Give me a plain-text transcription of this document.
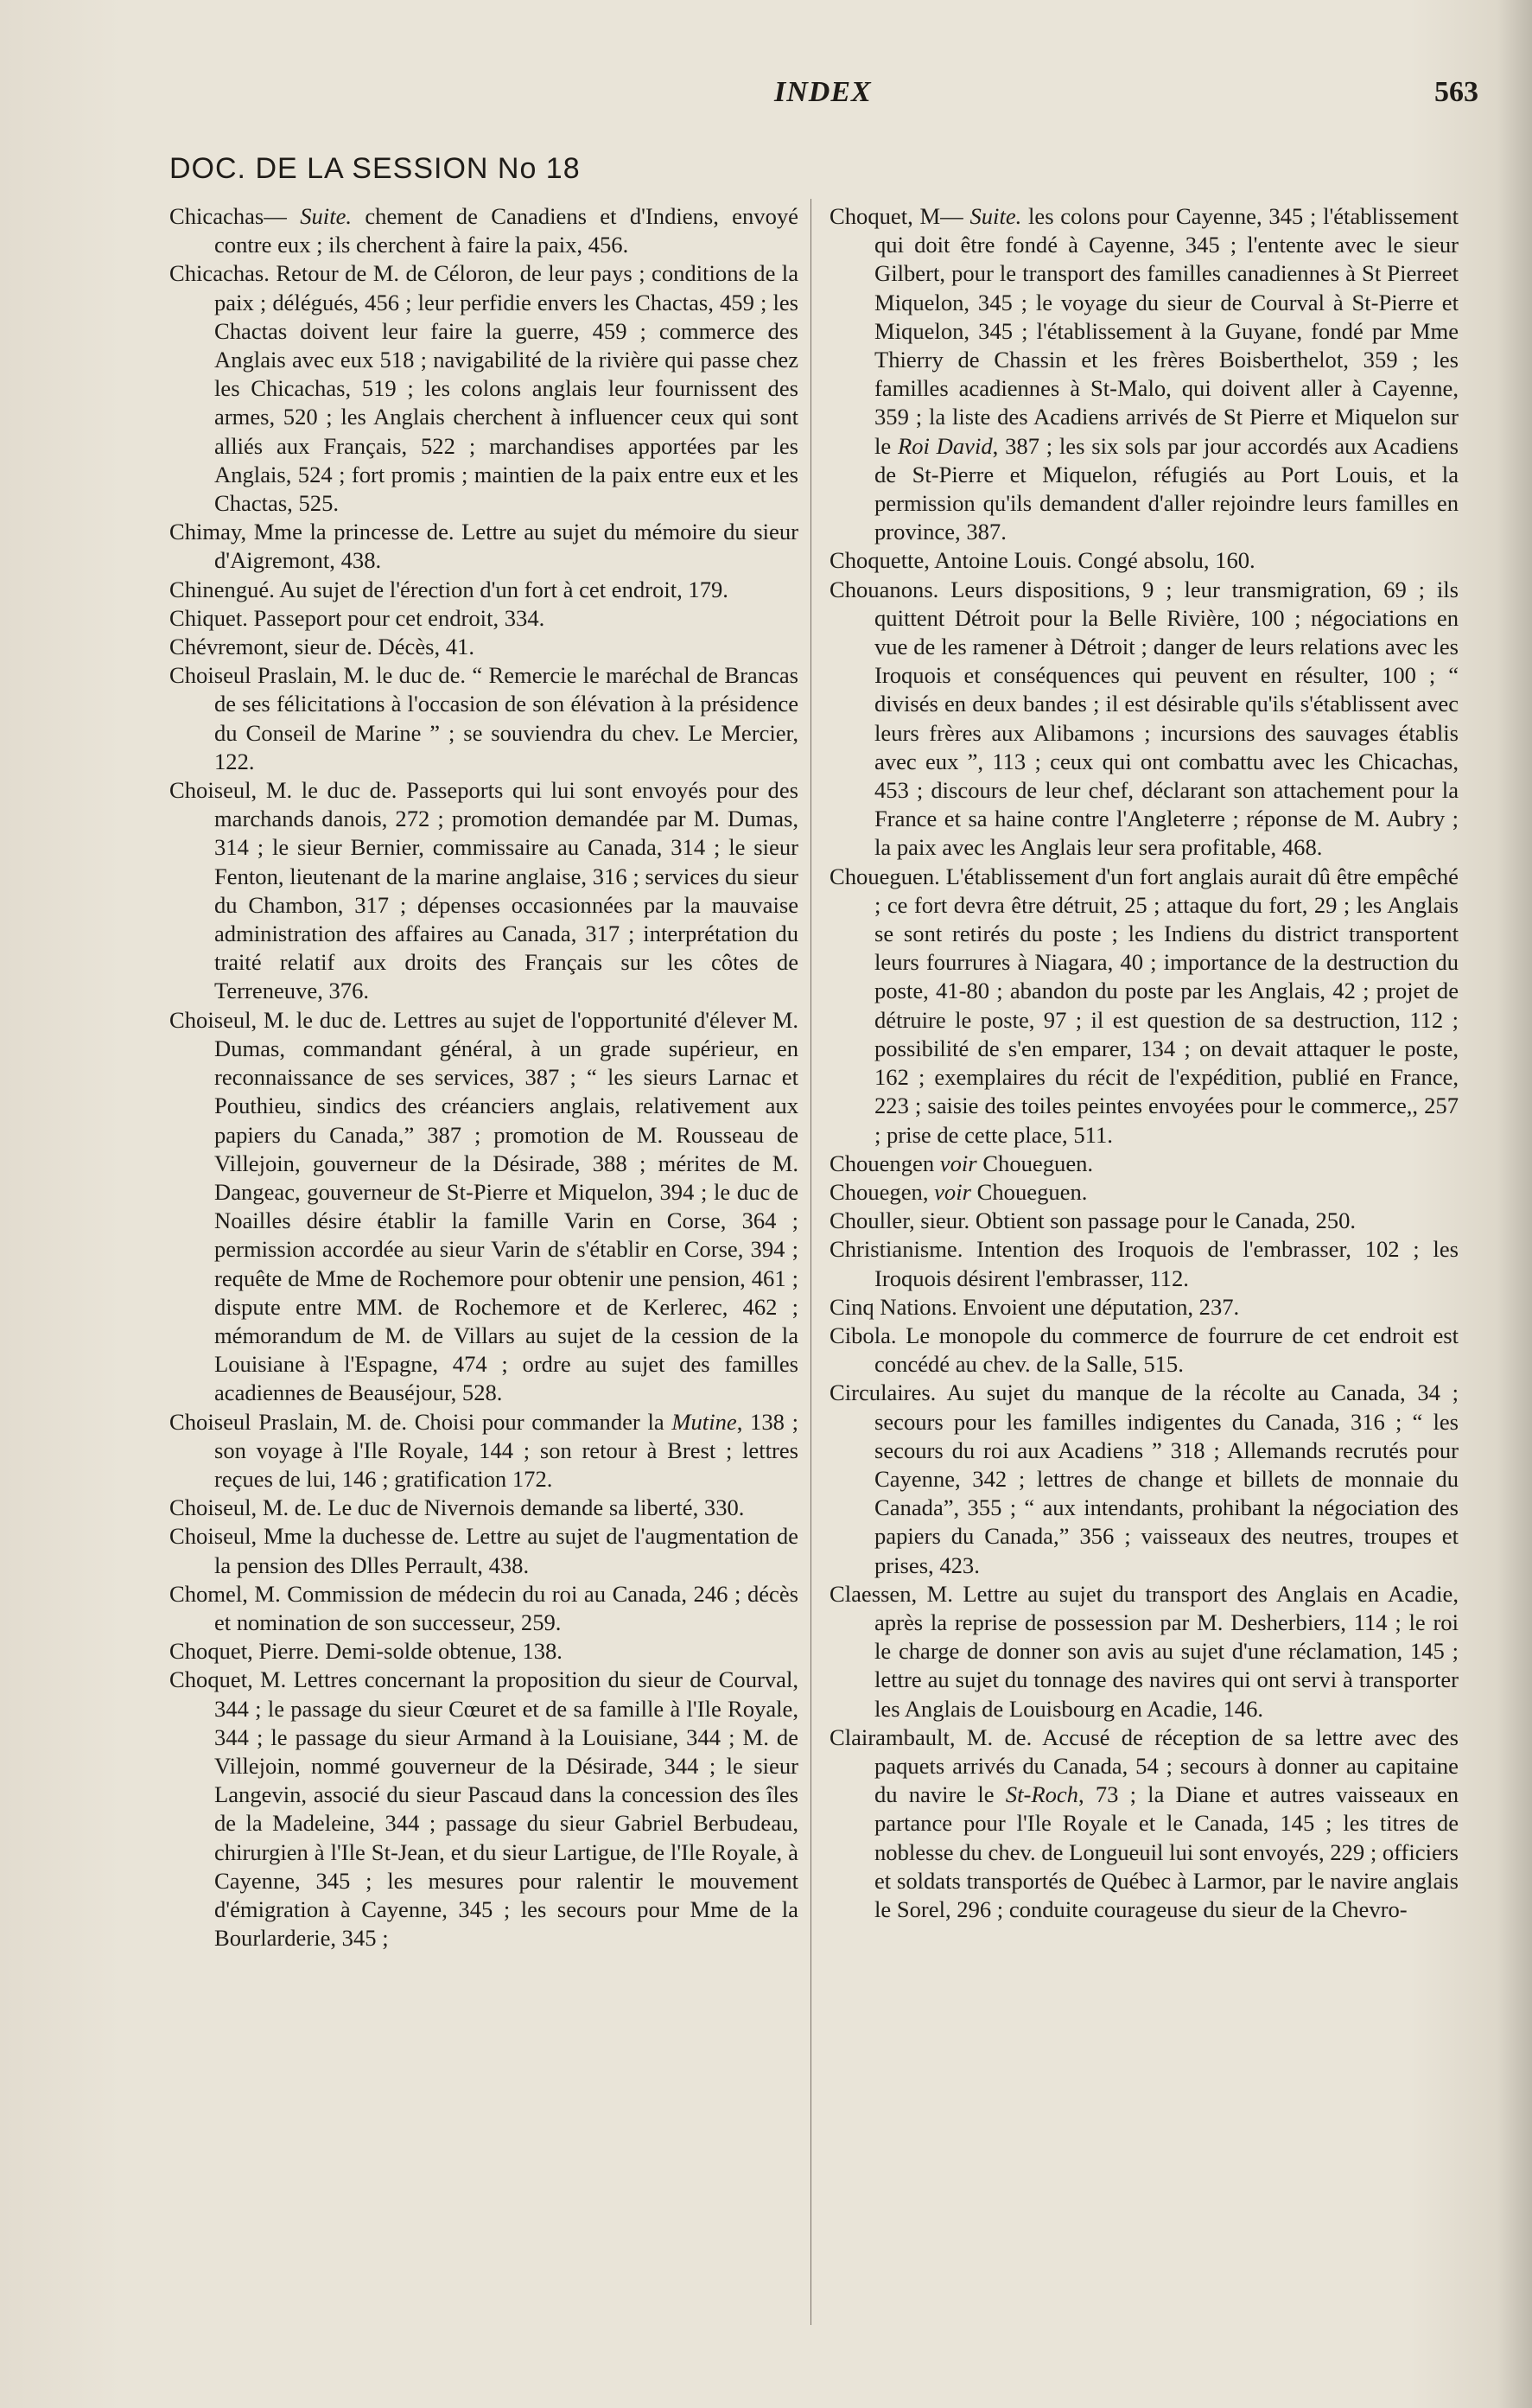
INDEX	563
DOC. DE LA SESSION No 18

Chicachas— Suite. chement de Canadiens et d'Indiens, envoyé contre eux ; ils cherchent à faire la paix, 456.

Chicachas. Retour de M. de Céloron, de leur pays ; conditions de la paix ; délégués, 456 ; leur perfidie envers les Chactas, 459 ; les Chactas doivent leur faire la guerre, 459 ; commerce des Anglais avec eux 518 ; navigabilité de la rivière qui passe chez les Chicachas, 519 ; les colons anglais leur fournissent des armes, 520 ; les Anglais cherchent à influencer ceux qui sont alliés aux Français, 522 ; marchandises apportées par les Anglais, 524 ; fort promis ; maintien de la paix entre eux et les Chactas, 525.

Chimay, Mme la princesse de. Lettre au sujet du mémoire du sieur d'Aigremont, 438.

Chinengué. Au sujet de l'érection d'un fort à cet endroit, 179.

Chiquet. Passeport pour cet endroit, 334.

Chévremont, sieur de. Décès, 41.

Choiseul Praslain, M. le duc de. “ Remercie le maréchal de Brancas de ses félicitations à l'occasion de son élévation à la présidence du Conseil de Marine ” ; se souviendra du chev. Le Mercier, 122.

Choiseul, M. le duc de. Passeports qui lui sont envoyés pour des marchands danois, 272 ; promotion demandée par M. Dumas, 314 ; le sieur Bernier, commissaire au Canada, 314 ; le sieur Fenton, lieutenant de la marine anglaise, 316 ; services du sieur du Chambon, 317 ; dépenses occasionnées par la mauvaise administration des affaires au Canada, 317 ; interprétation du traité relatif aux droits des Français sur les côtes de Terreneuve, 376.

Choiseul, M. le duc de. Lettres au sujet de l'opportunité d'élever M. Dumas, commandant général, à un grade supérieur, en reconnaissance de ses services, 387 ; “ les sieurs Larnac et Pouthieu, sindics des créanciers anglais, relativement aux papiers du Canada,” 387 ; promotion de M. Rousseau de Villejoin, gouverneur de la Désirade, 388 ; mérites de M. Dangeac, gouverneur de St-Pierre et Miquelon, 394 ; le duc de Noailles désire établir la famille Varin en Corse, 364 ; permission accordée au sieur Varin de s'établir en Corse, 394 ; requête de Mme de Rochemore pour obtenir une pension, 461 ; dispute entre MM. de Rochemore et de Kerlerec, 462 ; mémorandum de M. de Villars au sujet de la cession de la Louisiane à l'Espagne, 474 ; ordre au sujet des familles acadiennes de Beauséjour, 528.

Choiseul Praslain, M. de. Choisi pour commander la Mutine, 138 ; son voyage à l'Ile Royale, 144 ; son retour à Brest ; lettres reçues de lui, 146 ; gratification 172.

Choiseul, M. de. Le duc de Nivernois demande sa liberté, 330.

Choiseul, Mme la duchesse de. Lettre au sujet de l'augmentation de la pension des Dlles Perrault, 438.

Chomel, M. Commission de médecin du roi au Canada, 246 ; décès et nomination de son successeur, 259.

Choquet, Pierre. Demi-solde obtenue, 138.

Choquet, M. Lettres concernant la proposition du sieur de Courval, 344 ; le passage du sieur Cœuret et de sa famille à l'Ile Royale, 344 ; le passage du sieur Armand à la Louisiane, 344 ; M. de Villejoin, nommé gouverneur de la Désirade, 344 ; le sieur Langevin, associé du sieur Pascaud dans la concession des îles de la Madeleine, 344 ; passage du sieur Gabriel Berbudeau, chirurgien à l'Ile St-Jean, et du sieur Lartigue, de l'Ile Royale, à Cayenne, 345 ; les mesures pour ralentir le mouvement d'émigration à Cayenne, 345 ; les secours pour Mme de la Bourlarderie, 345 ;

Choquet, M— Suite. les colons pour Cayenne, 345 ; l'établissement qui doit être fondé à Cayenne, 345 ; l'entente avec le sieur Gilbert, pour le transport des familles canadiennes à St Pierreet Miquelon, 345 ; le voyage du sieur de Courval à St-Pierre et Miquelon, 345 ; l'établissement à la Guyane, fondé par Mme Thierry de Chassin et les frères Boisberthelot, 359 ; les familles acadiennes à St-Malo, qui doivent aller à Cayenne, 359 ; la liste des Acadiens arrivés de St Pierre et Miquelon sur le Roi David, 387 ; les six sols par jour accordés aux Acadiens de St-Pierre et Miquelon, réfugiés au Port Louis, et la permission qu'ils demandent d'aller rejoindre leurs familles en province, 387.

Choquette, Antoine Louis. Congé absolu, 160.

Chouanons. Leurs dispositions, 9 ; leur transmigration, 69 ; ils quittent Détroit pour la Belle Rivière, 100 ; négociations en vue de les ramener à Détroit ; danger de leurs relations avec les Iroquois et conséquences qui peuvent en résulter, 100 ; “ divisés en deux bandes ; il est désirable qu'ils s'établissent avec leurs frères aux Alibamons ; incursions des sauvages établis avec eux ”, 113 ; ceux qui ont combattu avec les Chicachas, 453 ; discours de leur chef, déclarant son attachement pour la France et sa haine contre l'Angleterre ; réponse de M. Aubry ; la paix avec les Anglais leur sera profitable, 468.

Choueguen. L'établissement d'un fort anglais aurait dû être empêché ; ce fort devra être détruit, 25 ; attaque du fort, 29 ; les Anglais se sont retirés du poste ; les Indiens du district transportent leurs fourrures à Niagara, 40 ; importance de la destruction du poste, 41-80 ; abandon du poste par les Anglais, 42 ; projet de détruire le poste, 97 ; il est question de sa destruction, 112 ; possibilité de s'en emparer, 134 ; on devait attaquer le poste, 162 ; exemplaires du récit de l'expédition, publié en France, 223 ; saisie des toiles peintes envoyées pour le commerce,, 257 ; prise de cette place, 511.

Chouengen voir Choueguen.

Chouegen, voir Choueguen.

Chouller, sieur. Obtient son passage pour le Canada, 250.

Christianisme. Intention des Iroquois de l'embrasser, 102 ; les Iroquois désirent l'embrasser, 112.

Cinq Nations. Envoient une députation, 237.

Cibola. Le monopole du commerce de fourrure de cet endroit est concédé au chev. de la Salle, 515.

Circulaires. Au sujet du manque de la récolte au Canada, 34 ; secours pour les familles indigentes du Canada, 316 ; “ les secours du roi aux Acadiens ” 318 ; Allemands recrutés pour Cayenne, 342 ; lettres de change et billets de monnaie du Canada”, 355 ; “ aux intendants, prohibant la négociation des papiers du Canada,” 356 ; vaisseaux des neutres, troupes et prises, 423.

Claessen, M. Lettre au sujet du transport des Anglais en Acadie, après la reprise de possession par M. Desherbiers, 114 ; le roi le charge de donner son avis au sujet d'une réclamation, 145 ; lettre au sujet du tonnage des navires qui ont servi à transporter les Anglais de Louisbourg en Acadie, 146.

Clairambault, M. de. Accusé de réception de sa lettre avec des paquets arrivés du Canada, 54 ; secours à donner au capitaine du navire le St-Roch, 73 ; la Diane et autres vaisseaux en partance pour l'Ile Royale et le Canada, 145 ; les titres de noblesse du chev. de Longueuil lui sont envoyés, 229 ; officiers et soldats transportés de Québec à Larmor, par le navire anglais le Sorel, 296 ; conduite courageuse du sieur de la Chevro-
